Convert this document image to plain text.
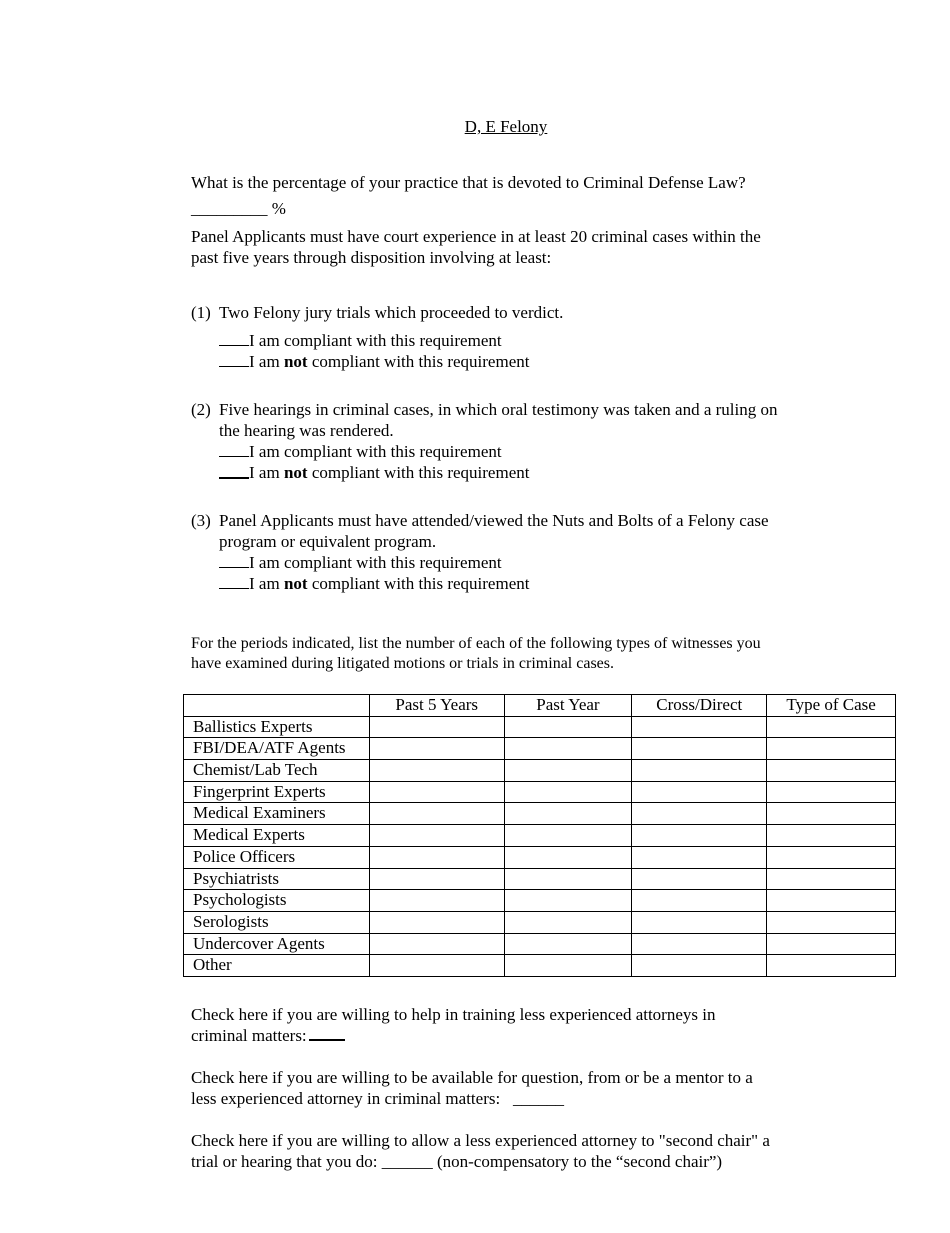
D, E Felony
What is the percentage of your practice that is devoted to Criminal Defense Law?
_________ %
Panel Applicants must have court experience in at least 20 criminal cases within the
past five years through disposition involving at least:
(1) Two Felony jury trials which proceeded to verdict.
I am compliant with this requirement
I am not compliant with this requirement
(2) Five hearings in criminal cases, in which oral testimony was taken and a ruling on
the hearing was rendered.
I am compliant with this requirement
I am not compliant with this requirement
(3) Panel Applicants must have attended/viewed the Nuts and Bolts of a Felony case
program or equivalent program.
I am compliant with this requirement
I am not compliant with this requirement
For the periods indicated, list the number of each of the following types of witnesses you
have examined during litigated motions or trials in criminal cases.
	Past 5 Years	Past Year	Cross/Direct	Type of Case
Ballistics Experts				
FBI/DEA/ATF Agents				
Chemist/Lab Tech				
Fingerprint Experts				
Medical Examiners				
Medical Experts				
Police Officers				
Psychiatrists				
Psychologists				
Serologists				
Undercover Agents				
Other				
Check here if you are willing to help in training less experienced attorneys in
criminal matters:
Check here if you are willing to be available for question, from or be a mentor to a
less experienced attorney in criminal matters: ______
Check here if you are willing to allow a less experienced attorney to "second chair" a
trial or hearing that you do: ______ (non-compensatory to the “second chair”)
